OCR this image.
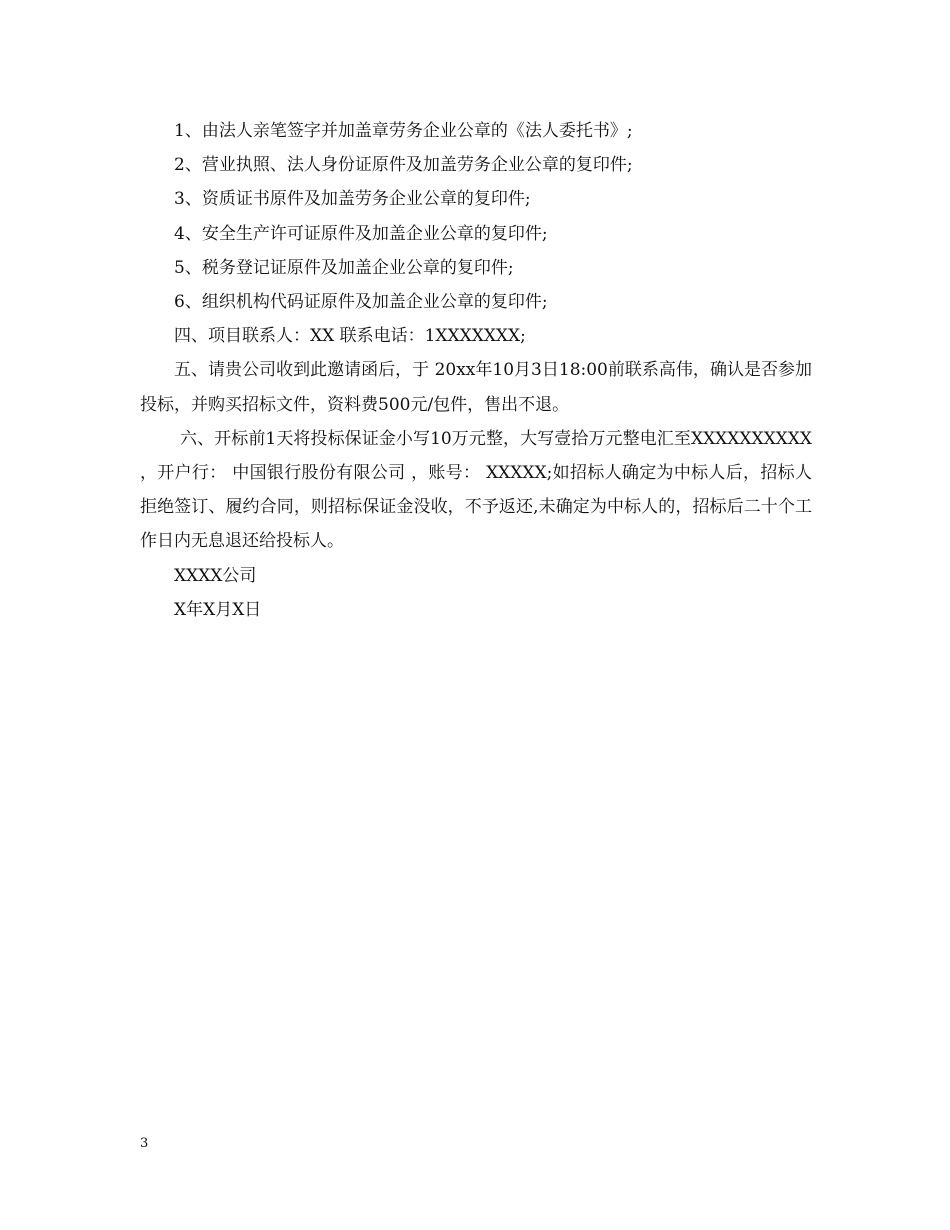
1、由法人亲笔签字并加盖章劳务企业公章的《法人委托书》;

2、营业执照、法人身份证原件及加盖劳务企业公章的复印件;

3、资质证书原件及加盖劳务企业公章的复印件;

4、安全生产许可证原件及加盖企业公章的复印件;

5、税务登记证原件及加盖企业公章的复印件;

6、组织机构代码证原件及加盖企业公章的复印件;

四、项目联系人：XX 联系电话：1XXXXXXX;

五、请贵公司收到此邀请函后，于 20xx年10月3日18:00前联系高伟，确认是否参加投标，并购买招标文件，资料费500元/包件，售出不退。

六、开标前1天将投标保证金小写10万元整，大写壹拾万元整电汇至XXXXXXXXXX ，开户行： 中国银行股份有限公司 ，账号： XXXXX;如招标人确定为中标人后，招标人拒绝签订、履约合同，则招标保证金没收，不予返还,未确定为中标人的，招标后二十个工作日内无息退还给投标人。

XXXX公司

X年X月X日

3
